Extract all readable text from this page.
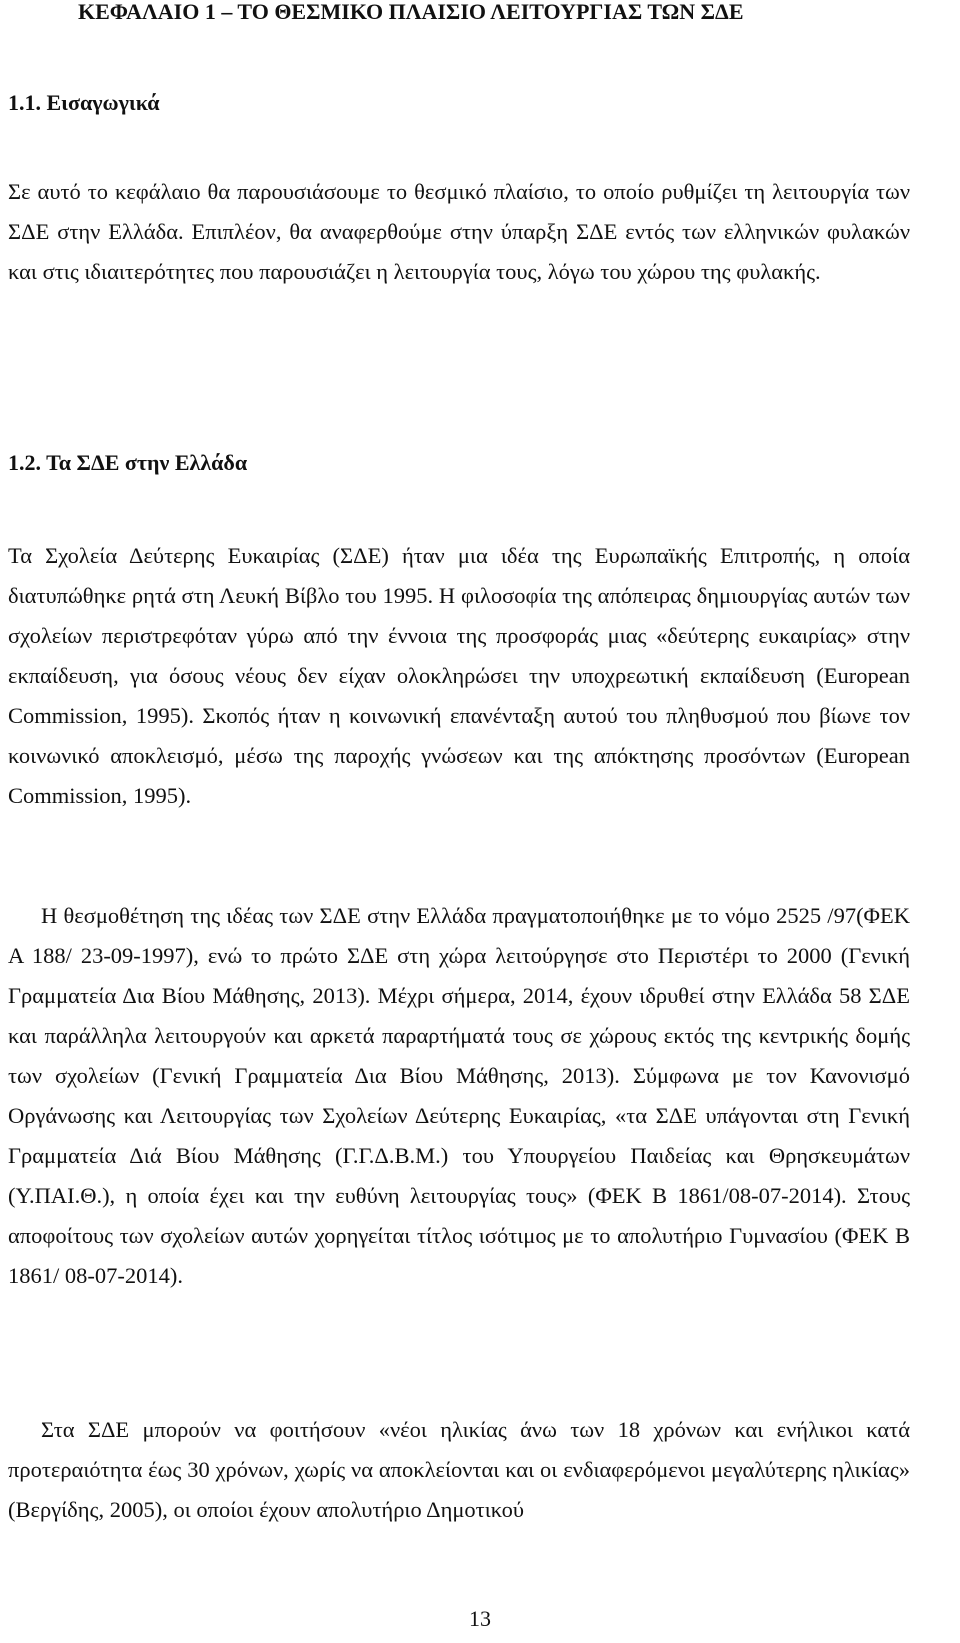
ΚΕΦΑΛΑΙΟ 1 – ΤΟ ΘΕΣΜΙΚΟ ΠΛΑΙΣΙΟ ΛΕΙΤΟΥΡΓΙΑΣ ΤΩΝ ΣΔΕ
1.1. Εισαγωγικά

Σε αυτό το κεφάλαιο θα παρουσιάσουμε το θεσμικό πλαίσιο, το οποίο ρυθμίζει τη λειτουργία των ΣΔΕ στην Ελλάδα. Επιπλέον, θα αναφερθούμε στην ύπαρξη ΣΔΕ εντός των ελληνικών φυλακών και στις ιδιαιτερότητες που παρουσιάζει η λειτουργία τους, λόγω του χώρου της φυλακής.

1.2. Τα ΣΔΕ στην Ελλάδα

Τα Σχολεία Δεύτερης Ευκαιρίας (ΣΔΕ) ήταν μια ιδέα της Ευρωπαϊκής Επιτροπής, η οποία διατυπώθηκε ρητά στη Λευκή Βίβλο του 1995. Η φιλοσοφία της απόπειρας δημιουργίας αυτών των σχολείων περιστρεφόταν γύρω από την έννοια της προσφοράς μιας «δεύτερης ευκαιρίας» στην εκπαίδευση, για όσους νέους δεν είχαν ολοκληρώσει την υποχρεωτική εκπαίδευση (European Commission, 1995). Σκοπός ήταν η κοινωνική επανένταξη αυτού του πληθυσμού που βίωνε τον κοινωνικό αποκλεισμό, μέσω της παροχής γνώσεων και της απόκτησης προσόντων (European Commission, 1995).

Η θεσμοθέτηση της ιδέας των ΣΔΕ στην Ελλάδα πραγματοποιήθηκε με το νόμο 2525 /97(ΦΕΚ Α 188/ 23-09-1997), ενώ το πρώτο ΣΔΕ στη χώρα λειτούργησε στο Περιστέρι το 2000 (Γενική Γραμματεία Δια Βίου Μάθησης, 2013). Μέχρι σήμερα, 2014, έχουν ιδρυθεί στην Ελλάδα 58 ΣΔΕ και παράλληλα λειτουργούν και αρκετά παραρτήματά τους σε χώρους εκτός της κεντρικής δομής των σχολείων (Γενική Γραμματεία Δια Βίου Μάθησης, 2013). Σύμφωνα με τον Κανονισμό Οργάνωσης και Λειτουργίας των Σχολείων Δεύτερης Ευκαιρίας, «τα ΣΔΕ υπάγονται στη Γενική Γραμματεία Διά Βίου Μάθησης (Γ.Γ.Δ.Β.Μ.) του Υπουργείου Παιδείας και Θρησκευμάτων (Υ.ΠΑΙ.Θ.), η οποία έχει και την ευθύνη λειτουργίας τους» (ΦΕΚ Β 1861/08-07-2014). Στους αποφοίτους των σχολείων αυτών χορηγείται τίτλος ισότιμος με το απολυτήριο Γυμνασίου (ΦΕΚ Β 1861/ 08-07-2014).

Στα ΣΔΕ μπορούν να φοιτήσουν «νέοι ηλικίας άνω των 18 χρόνων και ενήλικοι κατά προτεραιότητα έως 30 χρόνων, χωρίς να αποκλείονται και οι ενδιαφερόμενοι μεγαλύτερης ηλικίας» (Βεργίδης, 2005), οι οποίοι έχουν απολυτήριο Δημοτικού

13
